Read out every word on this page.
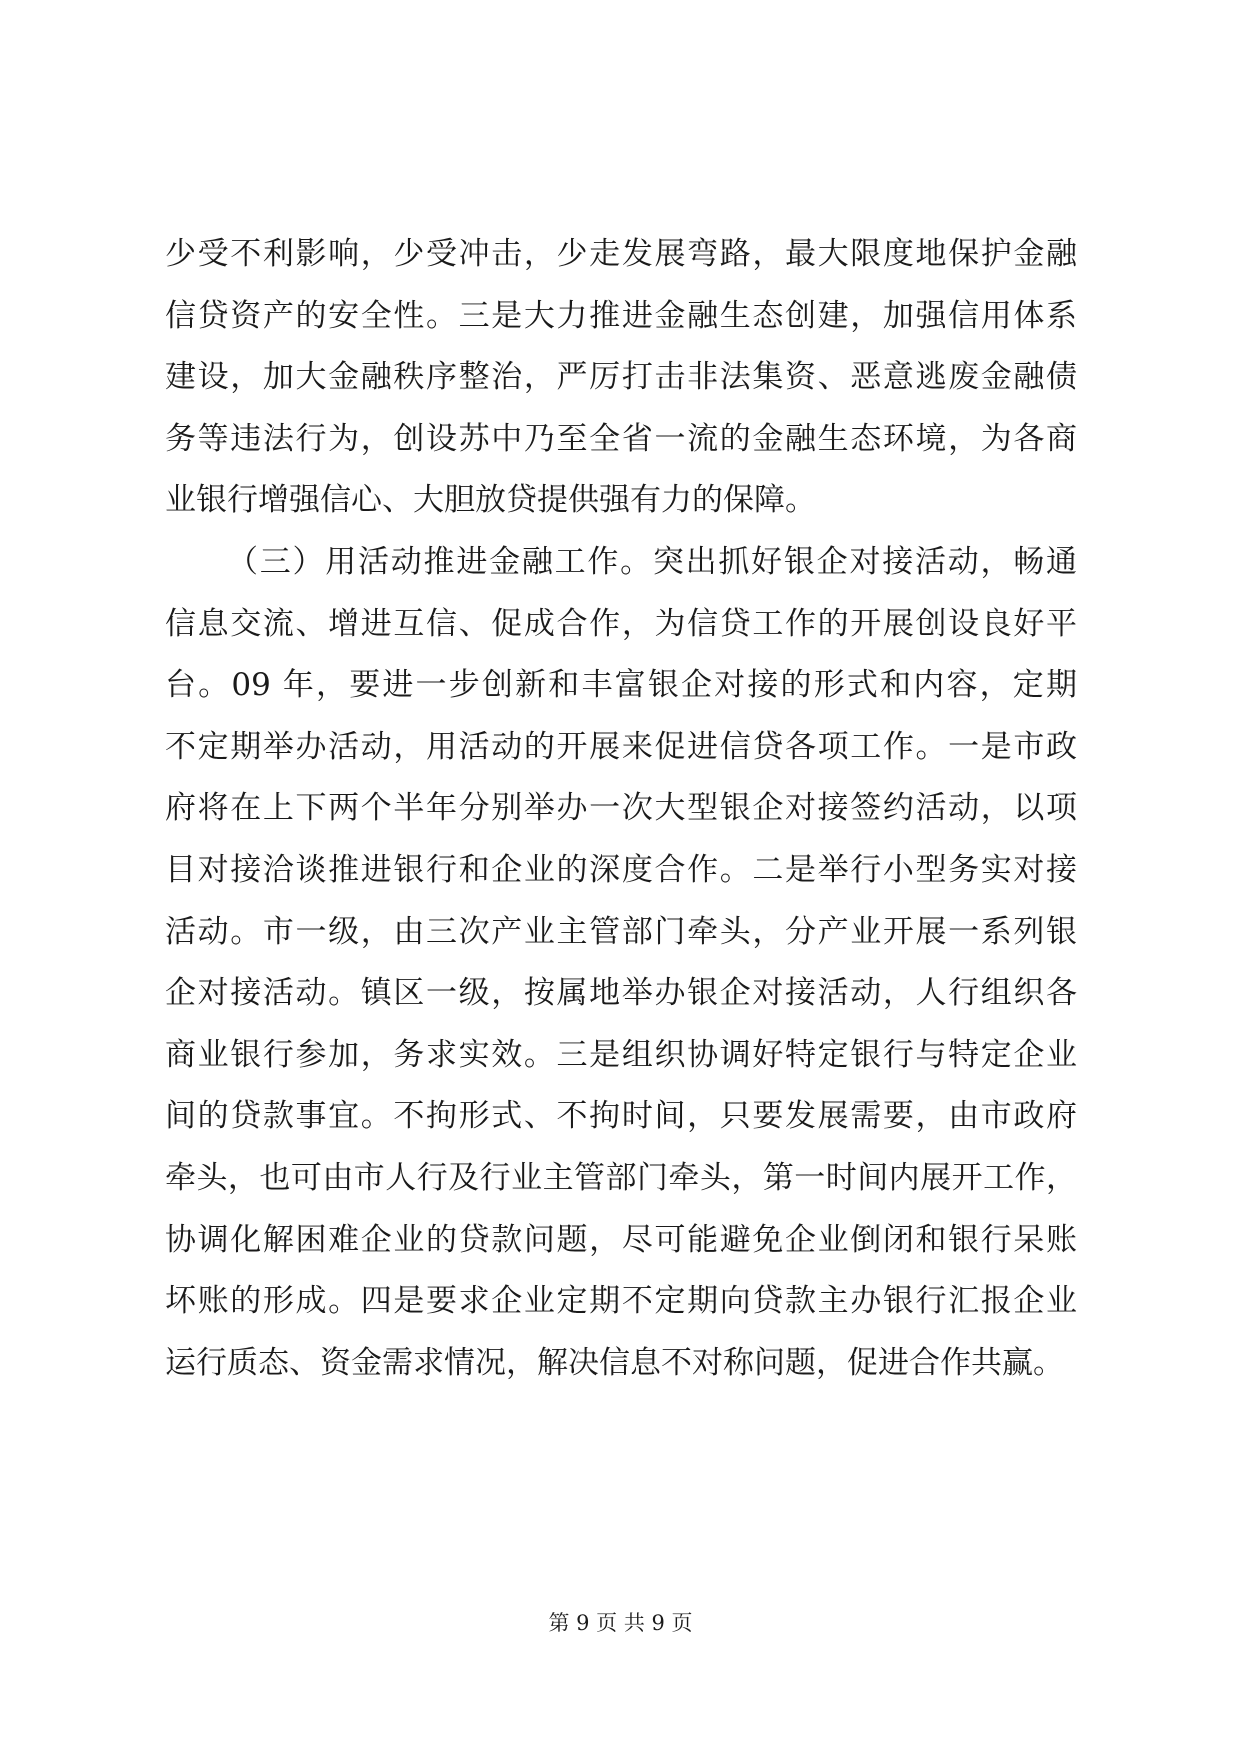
少受不利影响，少受冲击，少走发展弯路，最大限度地保护金融
信贷资产的安全性。三是大力推进金融生态创建，加强信用体系
建设，加大金融秩序整治，严厉打击非法集资、恶意逃废金融债
务等违法行为，创设苏中乃至全省一流的金融生态环境，为各商
业银行增强信心、大胆放贷提供强有力的保障。
（三）用活动推进金融工作。突出抓好银企对接活动，畅通
信息交流、增进互信、促成合作，为信贷工作的开展创设良好平
台。09 年，要进一步创新和丰富银企对接的形式和内容，定期
不定期举办活动，用活动的开展来促进信贷各项工作。一是市政
府将在上下两个半年分别举办一次大型银企对接签约活动，以项
目对接洽谈推进银行和企业的深度合作。二是举行小型务实对接
活动。市一级，由三次产业主管部门牵头，分产业开展一系列银
企对接活动。镇区一级，按属地举办银企对接活动，人行组织各
商业银行参加，务求实效。三是组织协调好特定银行与特定企业
间的贷款事宜。不拘形式、不拘时间，只要发展需要，由市政府
牵头，也可由市人行及行业主管部门牵头，第一时间内展开工作，
协调化解困难企业的贷款问题，尽可能避免企业倒闭和银行呆账
坏账的形成。四是要求企业定期不定期向贷款主办银行汇报企业
运行质态、资金需求情况，解决信息不对称问题，促进合作共赢。
第 9 页 共 9 页
